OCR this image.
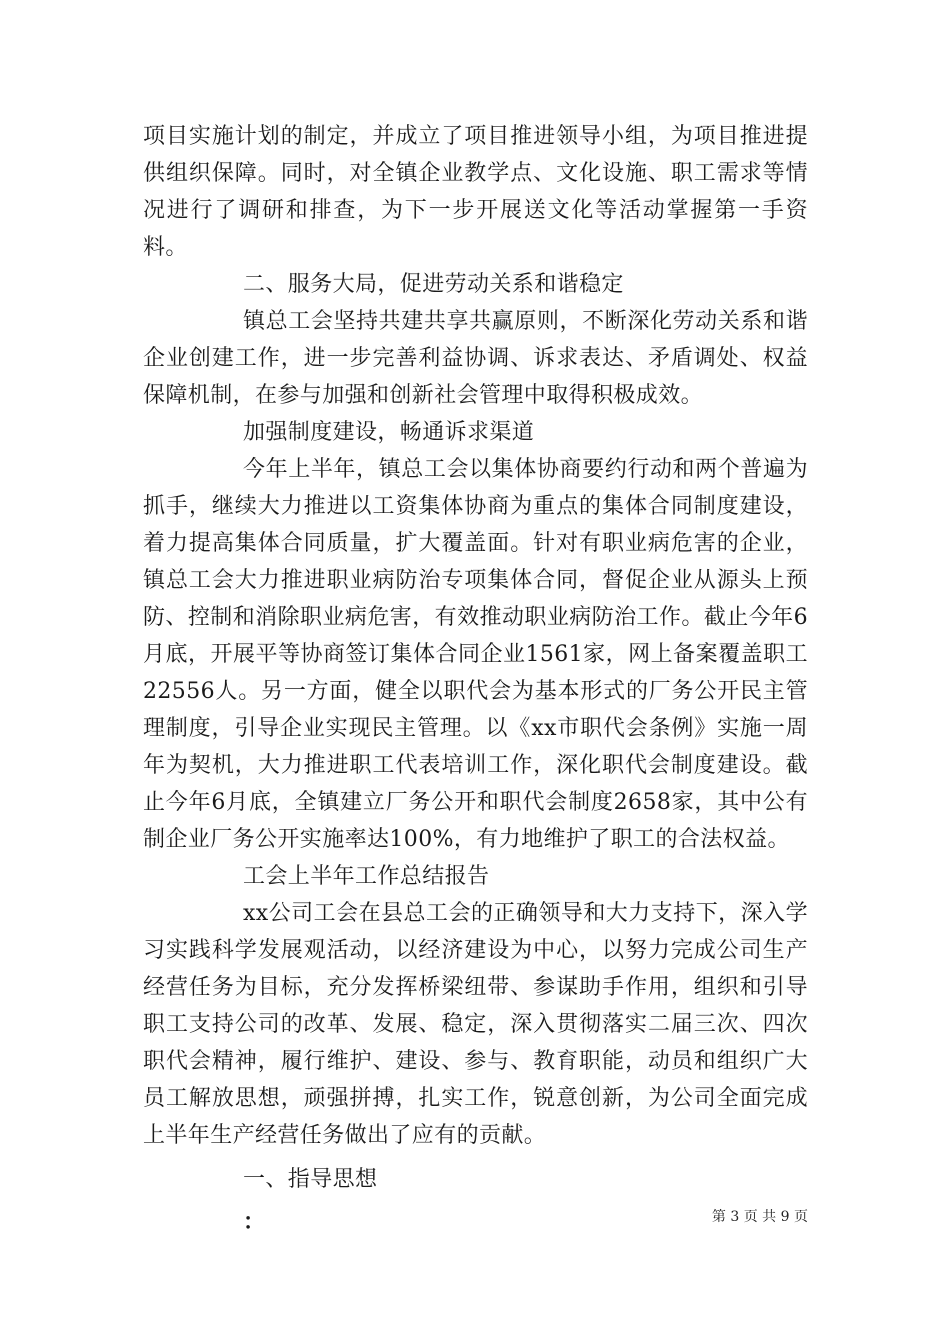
项目实施计划的制定，并成立了项目推进领导小组，为项目推进提供组织保障。同时，对全镇企业教学点、文化设施、职工需求等情况进行了调研和排查，为下一步开展送文化等活动掌握第一手资料。

二、服务大局，促进劳动关系和谐稳定

镇总工会坚持共建共享共赢原则，不断深化劳动关系和谐企业创建工作，进一步完善利益协调、诉求表达、矛盾调处、权益保障机制，在参与加强和创新社会管理中取得积极成效。

加强制度建设，畅通诉求渠道

今年上半年，镇总工会以集体协商要约行动和两个普遍为抓手，继续大力推进以工资集体协商为重点的集体合同制度建设，着力提高集体合同质量，扩大覆盖面。针对有职业病危害的企业，镇总工会大力推进职业病防治专项集体合同，督促企业从源头上预防、控制和消除职业病危害，有效推动职业病防治工作。截止今年6月底，开展平等协商签订集体合同企业1561家，网上备案覆盖职工22556人。另一方面，健全以职代会为基本形式的厂务公开民主管理制度，引导企业实现民主管理。以《xx市职代会条例》实施一周年为契机，大力推进职工代表培训工作，深化职代会制度建设。截止今年6月底，全镇建立厂务公开和职代会制度2658家，其中公有制企业厂务公开实施率达100%，有力地维护了职工的合法权益。

工会上半年工作总结报告

xx公司工会在县总工会的正确领导和大力支持下，深入学习实践科学发展观活动，以经济建设为中心，以努力完成公司生产经营任务为目标，充分发挥桥梁纽带、参谋助手作用，组织和引导职工支持公司的改革、发展、稳定，深入贯彻落实二届三次、四次职代会精神，履行维护、建设、参与、教育职能，动员和组织广大员工解放思想，顽强拼搏，扎实工作，锐意创新，为公司全面完成上半年生产经营任务做出了应有的贡献。

一、指导思想

：	第 3 页 共 9 页
